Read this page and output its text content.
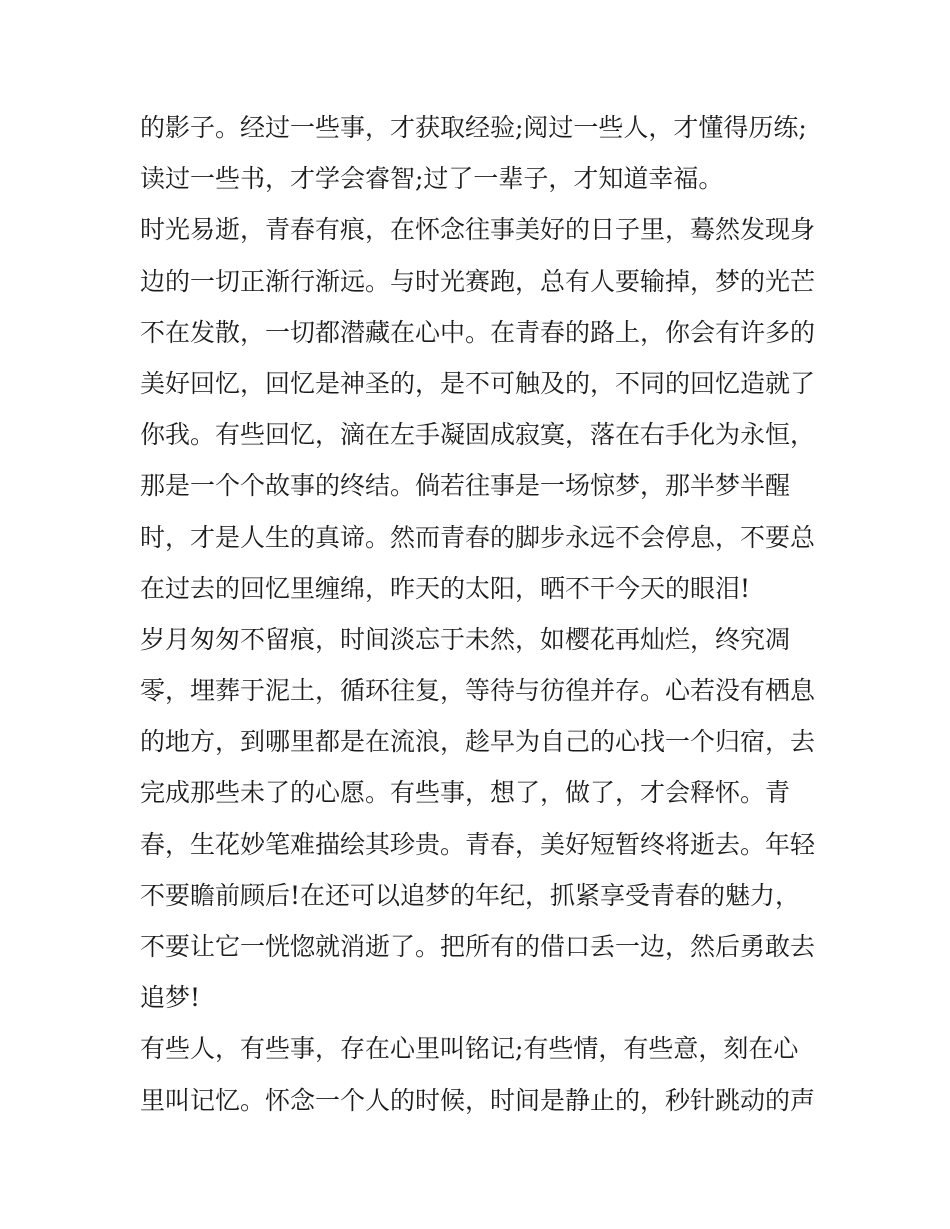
的影子。经过一些事，才获取经验;阅过一些人，才懂得历练;
读过一些书，才学会睿智;过了一辈子，才知道幸福。
时光易逝，青春有痕，在怀念往事美好的日子里，蓦然发现身
边的一切正渐行渐远。与时光赛跑，总有人要输掉，梦的光芒
不在发散，一切都潜藏在心中。在青春的路上，你会有许多的
美好回忆，回忆是神圣的，是不可触及的，不同的回忆造就了
你我。有些回忆，滴在左手凝固成寂寞，落在右手化为永恒，
那是一个个故事的终结。倘若往事是一场惊梦，那半梦半醒
时，才是人生的真谛。然而青春的脚步永远不会停息，不要总
在过去的回忆里缠绵，昨天的太阳，晒不干今天的眼泪!
岁月匆匆不留痕，时间淡忘于未然，如樱花再灿烂，终究凋
零，埋葬于泥土，循环往复，等待与彷徨并存。心若没有栖息
的地方，到哪里都是在流浪，趁早为自己的心找一个归宿，去
完成那些未了的心愿。有些事，想了，做了，才会释怀。青
春，生花妙笔难描绘其珍贵。青春，美好短暂终将逝去。年轻
不要瞻前顾后!在还可以追梦的年纪，抓紧享受青春的魅力，
不要让它一恍惚就消逝了。把所有的借口丢一边，然后勇敢去
追梦!
有些人，有些事，存在心里叫铭记;有些情，有些意，刻在心
里叫记忆。怀念一个人的时候，时间是静止的，秒针跳动的声
